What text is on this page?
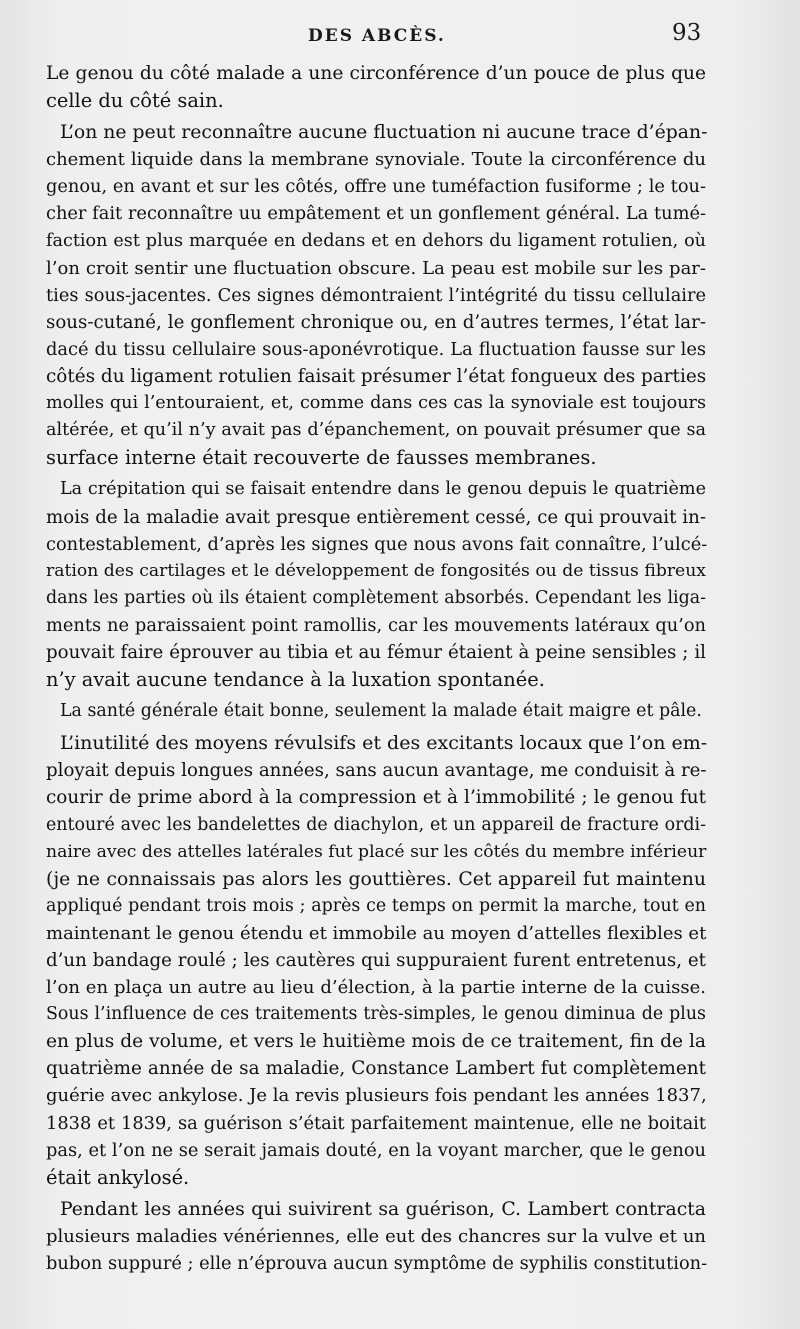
DES ABCÈS.	93
Le genou du côté malade a une circonférence d’un pouce de plus que
celle du côté sain.
L’on ne peut reconnaître aucune fluctuation ni aucune trace d’épan-
chement liquide dans la membrane synoviale. Toute la circonférence du
genou, en avant et sur les côtés, offre une tuméfaction fusiforme ; le tou-
cher fait reconnaître uu empâtement et un gonflement général. La tumé-
faction est plus marquée en dedans et en dehors du ligament rotulien, où
l’on croit sentir une fluctuation obscure. La peau est mobile sur les par-
ties sous-jacentes. Ces signes démontraient l’intégrité du tissu cellulaire
sous-cutané, le gonflement chronique ou, en d’autres termes, l’état lar-
dacé du tissu cellulaire sous-aponévrotique. La fluctuation fausse sur les
côtés du ligament rotulien faisait présumer l’état fongueux des parties
molles qui l’entouraient, et, comme dans ces cas la synoviale est toujours
altérée, et qu’il n’y avait pas d’épanchement, on pouvait présumer que sa
surface interne était recouverte de fausses membranes.
La crépitation qui se faisait entendre dans le genou depuis le quatrième
mois de la maladie avait presque entièrement cessé, ce qui prouvait in-
contestablement, d’après les signes que nous avons fait connaître, l’ulcé-
ration des cartilages et le développement de fongosités ou de tissus fibreux
dans les parties où ils étaient complètement absorbés. Cependant les liga-
ments ne paraissaient point ramollis, car les mouvements latéraux qu’on
pouvait faire éprouver au tibia et au fémur étaient à peine sensibles ; il
n’y avait aucune tendance à la luxation spontanée.
La santé générale était bonne, seulement la malade était maigre et pâle.
L’inutilité des moyens révulsifs et des excitants locaux que l’on em-
ployait depuis longues années, sans aucun avantage, me conduisit à re-
courir de prime abord à la compression et à l’immobilité ; le genou fut
entouré avec les bandelettes de diachylon, et un appareil de fracture ordi-
naire avec des attelles latérales fut placé sur les côtés du membre inférieur
(je ne connaissais pas alors les gouttières. Cet appareil fut maintenu
appliqué pendant trois mois ; après ce temps on permit la marche, tout en
maintenant le genou étendu et immobile au moyen d’attelles flexibles et
d’un bandage roulé ; les cautères qui suppuraient furent entretenus, et
l’on en plaça un autre au lieu d’élection, à la partie interne de la cuisse.
Sous l’influence de ces traitements très-simples, le genou diminua de plus
en plus de volume, et vers le huitième mois de ce traitement, fin de la
quatrième année de sa maladie, Constance Lambert fut complètement
guérie avec ankylose. Je la revis plusieurs fois pendant les années 1837,
1838 et 1839, sa guérison s’était parfaitement maintenue, elle ne boitait
pas, et l’on ne se serait jamais douté, en la voyant marcher, que le genou
était ankylosé.
Pendant les années qui suivirent sa guérison, C. Lambert contracta
plusieurs maladies vénériennes, elle eut des chancres sur la vulve et un
bubon suppuré ; elle n’éprouva aucun symptôme de syphilis constitution-
